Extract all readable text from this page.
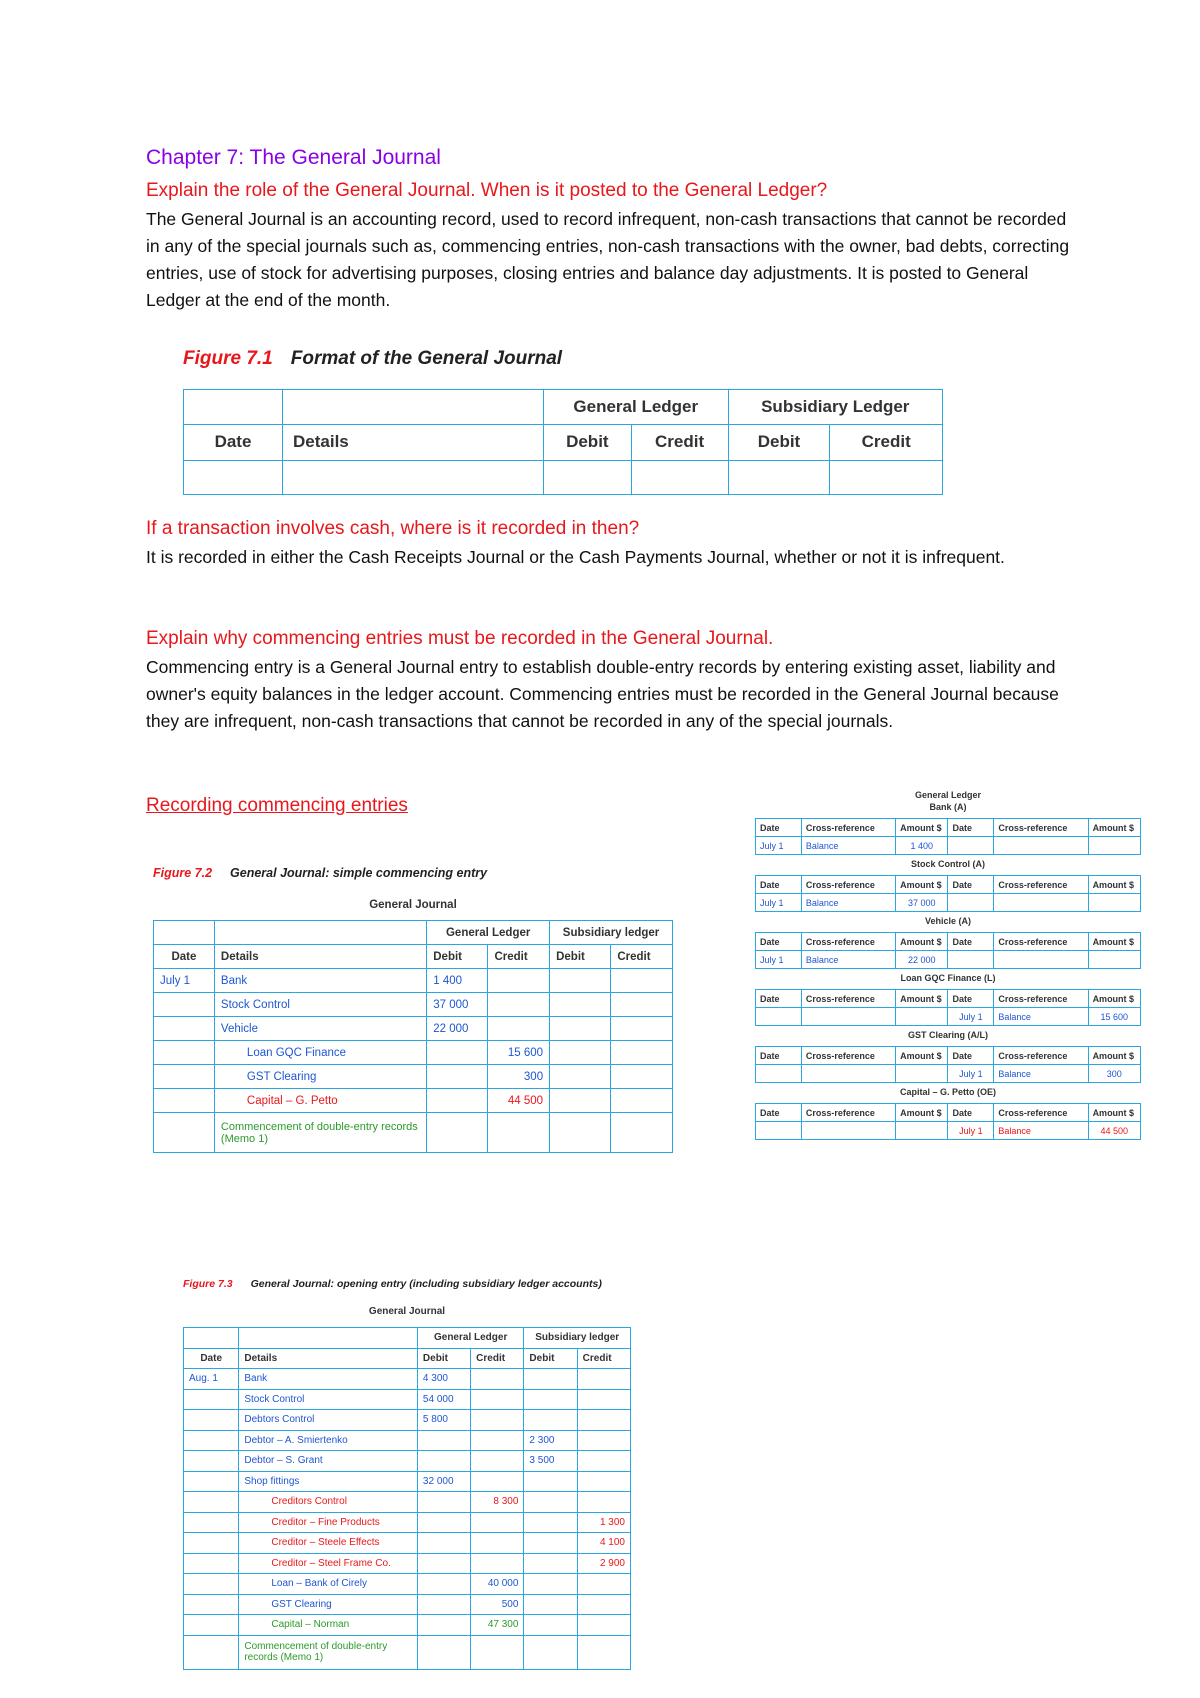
Chapter 7: The General Journal
Explain the role of the General Journal. When is it posted to the General Ledger?
The General Journal is an accounting record, used to record infrequent, non-cash transactions that cannot be recorded in any of the special journals such as, commencing entries, non-cash transactions with the owner, bad debts, correcting entries, use of stock for advertising purposes, closing entries and balance day adjustments. It is posted to General Ledger at the end of the month.
Figure 7.1 Format of the General Journal
		General Ledger		Subsidiary Ledger	
Date	Details	Debit	Credit	Debit	Credit

If a transaction involves cash, where is it recorded in then?
It is recorded in either the Cash Receipts Journal or the Cash Payments Journal, whether or not it is infrequent.
Explain why commencing entries must be recorded in the General Journal.
Commencing entry is a General Journal entry to establish double-entry records by entering existing asset, liability and owner's equity balances in the ledger account. Commencing entries must be recorded in the General Journal because they are infrequent, non-cash transactions that cannot be recorded in any of the special journals.
Recording commencing entries
Figure 7.2 General Journal: simple commencing entry
General Journal
		General Ledger		Subsidiary ledger	
Date	Details	Debit	Credit	Debit	Credit
July 1	Bank	1 400			
	Stock Control	37 000			
	Vehicle	22 000			
	Loan GQC Finance		15 600		
	GST Clearing		300		
	Capital – G. Petto		44 500		
	Commencement of double-entry records (Memo 1)				
General Ledger
Bank (A)
Date	Cross-reference	Amount $	Date	Cross-reference	Amount $
July 1	Balance	1 400			
Stock Control (A)
Date	Cross-reference	Amount $	Date	Cross-reference	Amount $
July 1	Balance	37 000			
Vehicle (A)
Date	Cross-reference	Amount $	Date	Cross-reference	Amount $
July 1	Balance	22 000			
Loan GQC Finance (L)
Date	Cross-reference	Amount $	Date	Cross-reference	Amount $
			July 1	Balance	15 600
GST Clearing (A/L)
Date	Cross-reference	Amount $	Date	Cross-reference	Amount $
			July 1	Balance	300
Capital – G. Petto (OE)
Date	Cross-reference	Amount $	Date	Cross-reference	Amount $
			July 1	Balance	44 500
Figure 7.3 General Journal: opening entry (including subsidiary ledger accounts)
General Journal
		General Ledger		Subsidiary ledger	
Date	Details	Debit	Credit	Debit	Credit
Aug. 1	Bank	4 300			
	Stock Control	54 000			
	Debtors Control	5 800			
	Debtor – A. Smiertenko			2 300	
	Debtor – S. Grant			3 500	
	Shop fittings	32 000			
	Creditors Control		8 300		
	Creditor – Fine Products				1 300
	Creditor – Steele Effects				4 100
	Creditor – Steel Frame Co.				2 900
	Loan – Bank of Cirely		40 000		
	GST Clearing		500		
	Capital – Norman		47 300		
	Commencement of double-entry records (Memo 1)				
